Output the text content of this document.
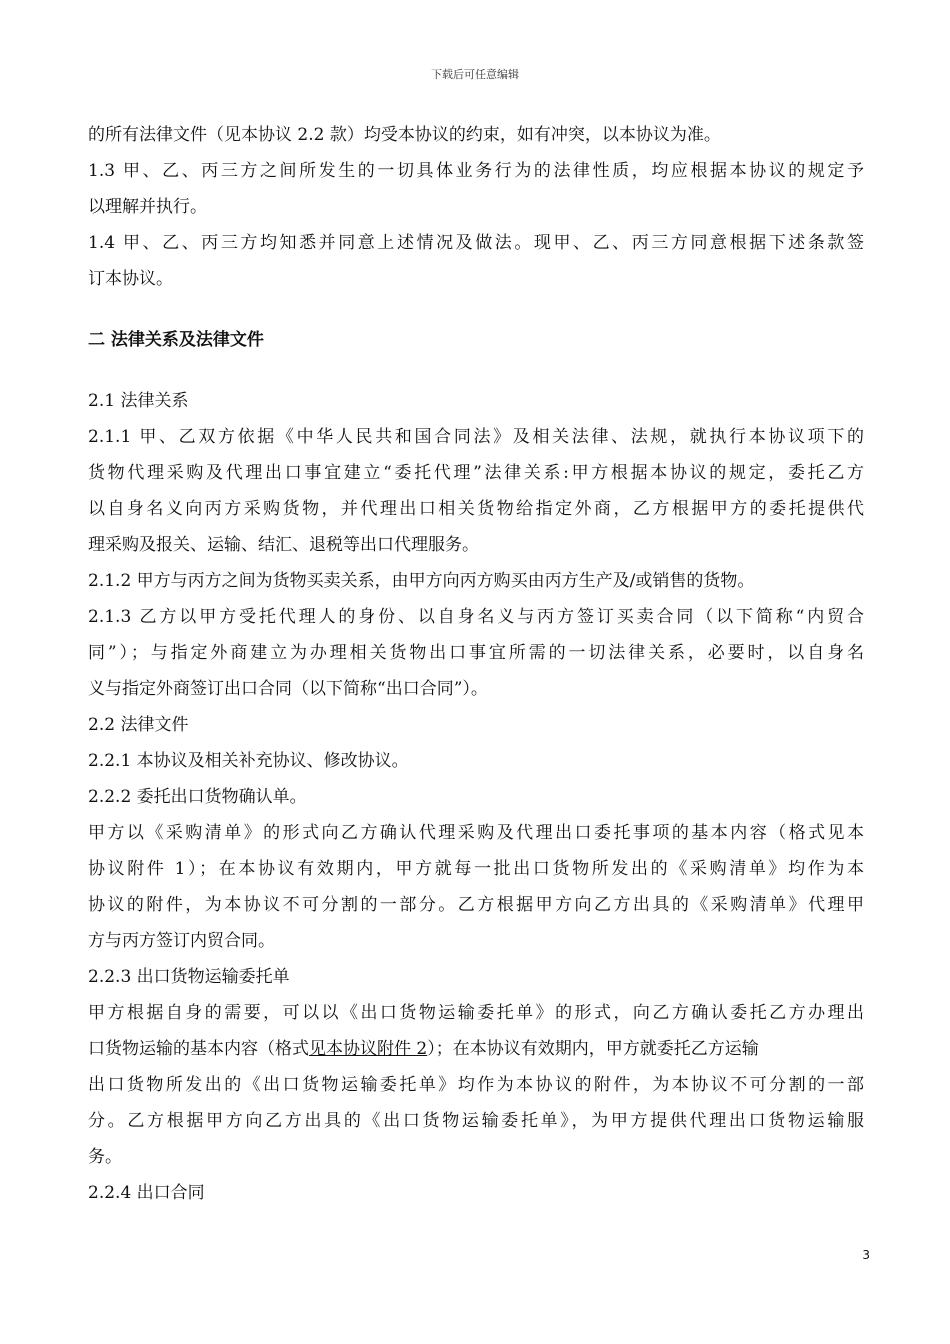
下载后可任意编辑
的所有法律文件（见本协议 2.2 款）均受本协议的约束，如有冲突，以本协议为准。
1.3 甲、乙、丙三方之间所发生的一切具体业务行为的法律性质，均应根据本协议的规定予
以理解并执行。
1.4 甲、乙、丙三方均知悉并同意上述情况及做法。现甲、乙、丙三方同意根据下述条款签
订本协议。
二 法律关系及法律文件
2.1 法律关系
2.1.1 甲、乙双方依据《中华人民共和国合同法》及相关法律、法规，就执行本协议项下的
货物代理采购及代理出口事宜建立“委托代理”法律关系:甲方根据本协议的规定，委托乙方
以自身名义向丙方采购货物，并代理出口相关货物给指定外商，乙方根据甲方的委托提供代
理采购及报关、运输、结汇、退税等出口代理服务。
2.1.2 甲方与丙方之间为货物买卖关系，由甲方向丙方购买由丙方生产及/或销售的货物。
2.1.3 乙方以甲方受托代理人的身份、以自身名义与丙方签订买卖合同（以下简称“内贸合
同”）；与指定外商建立为办理相关货物出口事宜所需的一切法律关系，必要时，以自身名
义与指定外商签订出口合同（以下简称“出口合同”）。
2.2 法律文件
2.2.1 本协议及相关补充协议、修改协议。
2.2.2 委托出口货物确认单。
甲方以《采购清单》的形式向乙方确认代理采购及代理出口委托事项的基本内容（格式见本
协议附件 1）；在本协议有效期内，甲方就每一批出口货物所发出的《采购清单》均作为本
协议的附件，为本协议不可分割的一部分。乙方根据甲方向乙方出具的《采购清单》代理甲
方与丙方签订内贸合同。
2.2.3 出口货物运输委托单
甲方根据自身的需要，可以以《出口货物运输委托单》的形式，向乙方确认委托乙方办理出
口货物运输的基本内容（格式见本协议附件 2）；在本协议有效期内，甲方就委托乙方运输
出口货物所发出的《出口货物运输委托单》均作为本协议的附件，为本协议不可分割的一部
分。乙方根据甲方向乙方出具的《出口货物运输委托单》，为甲方提供代理出口货物运输服
务。
2.2.4 出口合同
3
